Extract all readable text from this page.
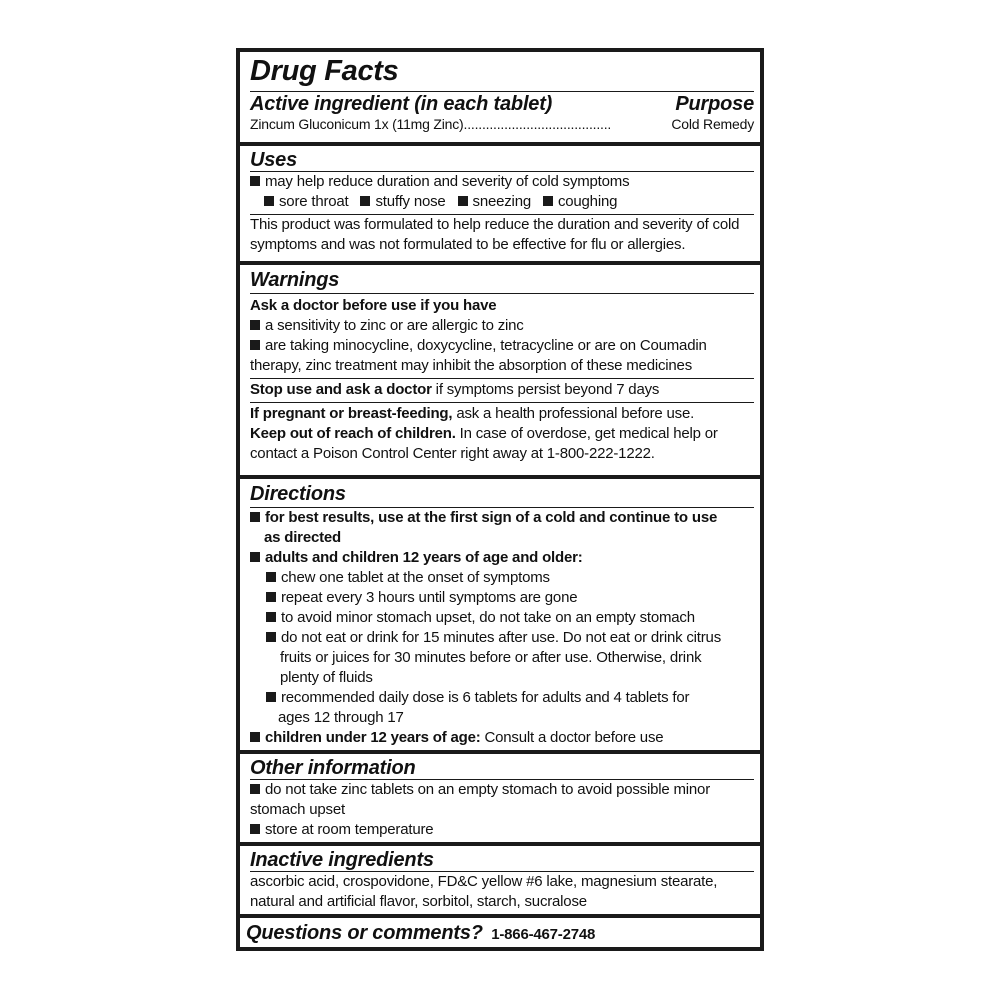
Drug Facts
Active ingredient (in each tablet)	Purpose
Zincum Gluconicum 1x (11mg Zinc) ........................................	Cold Remedy
Uses
may help reduce duration and severity of cold symptoms
sore throat stuffy nose sneezing coughing
This product was formulated to help reduce the duration and severity of cold
symptoms and was not formulated to be effective for flu or allergies.
Warnings
Ask a doctor before use if you have
a sensitivity to zinc or are allergic to zinc
are taking minocycline, doxycycline, tetracycline or are on Coumadin
therapy, zinc treatment may inhibit the absorption of these medicines
Stop use and ask a doctor if symptoms persist beyond 7 days
If pregnant or breast-feeding, ask a health professional before use.
Keep out of reach of children. In case of overdose, get medical help or
contact a Poison Control Center right away at 1-800-222-1222.
Directions
for best results, use at the first sign of a cold and continue to use
as directed
adults and children 12 years of age and older:
chew one tablet at the onset of symptoms
repeat every 3 hours until symptoms are gone
to avoid minor stomach upset, do not take on an empty stomach
do not eat or drink for 15 minutes after use. Do not eat or drink citrus
fruits or juices for 30 minutes before or after use. Otherwise, drink
plenty of fluids
recommended daily dose is 6 tablets for adults and 4 tablets for
ages 12 through 17
children under 12 years of age: Consult a doctor before use
Other information
do not take zinc tablets on an empty stomach to avoid possible minor
stomach upset
store at room temperature
Inactive ingredients
ascorbic acid, crospovidone, FD&C yellow #6 lake, magnesium stearate,
natural and artificial flavor, sorbitol, starch, sucralose
Questions or comments? 1-866-467-2748
